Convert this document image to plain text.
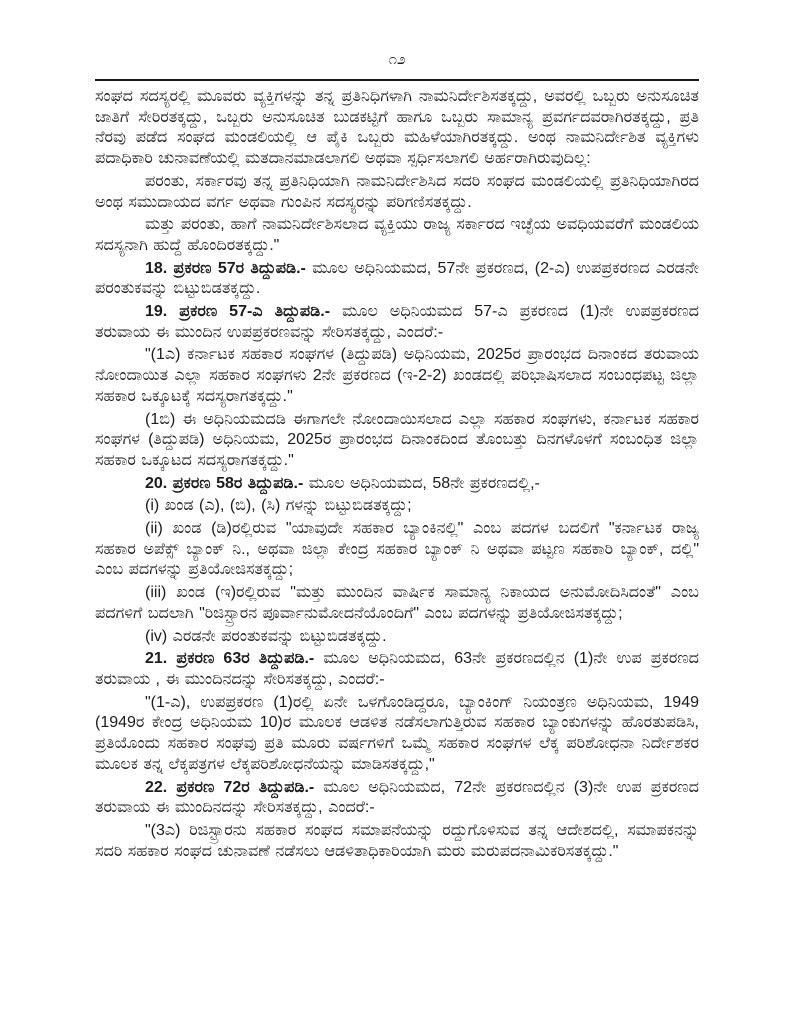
೧೨

ಸಂಘದ ಸದಸ್ಯರಲ್ಲಿ ಮೂವರು ವ್ಯಕ್ತಿಗಳನ್ನು ತನ್ನ ಪ್ರತಿನಿಧಿಗಳಾಗಿ ನಾಮನಿರ್ದೇಶಿಸತಕ್ಕದ್ದು, ಅವರಲ್ಲಿ ಒಬ್ಬರು ಅನುಸೂಚಿತ ಜಾತಿಗೆ ಸೇರಿರತಕ್ಕದ್ದು, ಒಬ್ಬರು ಅನುಸೂಚಿತ ಬುಡಕಟ್ಟಿಗೆ ಹಾಗೂ ಒಬ್ಬರು ಸಾಮಾನ್ಯ ಪ್ರವರ್ಗದವರಾಗಿರತಕ್ಕದ್ದು, ಪ್ರತಿ ನೆರವು ಪಡೆದ ಸಂಘದ ಮಂಡಲಿಯಲ್ಲಿ ಆ ಪೈಕಿ ಒಬ್ಬರು ಮಹಿಳೆಯಾಗಿರತಕ್ಕದ್ದು. ಅಂಥ ನಾಮನಿರ್ದೇಶಿತ ವ್ಯಕ್ತಿಗಳು ಪದಾಧಿಕಾರಿ ಚುನಾವಣೆಯಲ್ಲಿ ಮತದಾನಮಾಡಲಾಗಲಿ ಅಥವಾ ಸ್ಪರ್ಧಿಸಲಾಗಲಿ ಅರ್ಹರಾಗಿರುವುದಿಲ್ಲ:

ಪರಂತು, ಸರ್ಕಾರವು ತನ್ನ ಪ್ರತಿನಿಧಿಯಾಗಿ ನಾಮನಿರ್ದೇಶಿಸಿದ ಸದರಿ ಸಂಘದ ಮಂಡಲಿಯಲ್ಲಿ ಪ್ರತಿನಿಧಿಯಾಗಿರದ ಅಂಥ ಸಮುದಾಯದ ವರ್ಗ ಅಥವಾ ಗುಂಪಿನ ಸದಸ್ಯರನ್ನು ಪರಿಗಣಿಸತಕ್ಕದ್ದು.

ಮತ್ತು ಪರಂತು, ಹಾಗೆ ನಾಮನಿರ್ದೇಶಿಸಲಾದ ವ್ಯಕ್ತಿಯು ರಾಜ್ಯ ಸರ್ಕಾರದ ಇಚ್ಛೆಯ ಅವಧಿಯವರೆಗೆ ಮಂಡಲಿಯ ಸದಸ್ಯನಾಗಿ ಹುದ್ದೆ ಹೊಂದಿರತಕ್ಕದ್ದು."

18. ಪ್ರಕರಣ 57ರ ತಿದ್ದುಪಡಿ.- ಮೂಲ ಅಧಿನಿಯಮದ, 57ನೇ ಪ್ರಕರಣದ, (2-ಎ) ಉಪಪ್ರಕರಣದ ಎರಡನೇ ಪರಂತುಕವನ್ನು ಬಿಟ್ಟುಬಿಡತಕ್ಕದ್ದು.

19. ಪ್ರಕರಣ 57-ಎ ತಿದ್ದುಪಡಿ.- ಮೂಲ ಅಧಿನಿಯಮದ 57-ಎ ಪ್ರಕರಣದ (1)ನೇ ಉಪಪ್ರಕರಣದ ತರುವಾಯ ಈ ಮುಂದಿನ ಉಪಪ್ರಕರಣವನ್ನು ಸೇರಿಸತಕ್ಕದ್ದು, ಎಂದರೆ:-

"(1ಎ) ಕರ್ನಾಟಕ ಸಹಕಾರ ಸಂಘಗಳ (ತಿದ್ದುಪಡಿ) ಅಧಿನಿಯಮ, 2025ರ ಪ್ರಾರಂಭದ ದಿನಾಂಕದ ತರುವಾಯ ನೋಂದಾಯಿತ ಎಲ್ಲಾ ಸಹಕಾರ ಸಂಘಗಳು 2ನೇ ಪ್ರಕರಣದ (ಇ-2-2) ಖಂಡದಲ್ಲಿ ಪರಿಭಾಷಿಸಲಾದ ಸಂಬಂಧಪಟ್ಟ ಜಿಲ್ಲಾ ಸಹಕಾರ ಒಕ್ಕೂಟಕ್ಕೆ ಸದಸ್ಯರಾಗತಕ್ಕದ್ದು."

(1ಬಿ) ಈ ಅಧಿನಿಯಮದಡಿ ಈಗಾಗಲೇ ನೋಂದಾಯಿಸಲಾದ ಎಲ್ಲಾ ಸಹಕಾರ ಸಂಘಗಳು, ಕರ್ನಾಟಕ ಸಹಕಾರ ಸಂಘಗಳ (ತಿದ್ದುಪಡಿ) ಅಧಿನಿಯಮ, 2025ರ ಪ್ರಾರಂಭದ ದಿನಾಂಕದಿಂದ ತೊಂಬತ್ತು ದಿನಗಳೊಳಗೆ ಸಂಬಂಧಿತ ಜಿಲ್ಲಾ ಸಹಕಾರ ಒಕ್ಕೂಟದ ಸದಸ್ಯರಾಗತಕ್ಕದ್ದು."

20. ಪ್ರಕರಣ 58ರ ತಿದ್ದುಪಡಿ.- ಮೂಲ ಅಧಿನಿಯಮದ, 58ನೇ ಪ್ರಕರಣದಲ್ಲಿ,-

(i) ಖಂಡ (ಎ), (ಬಿ), (ಸಿ) ಗಳನ್ನು ಬಿಟ್ಟುಬಿಡತಕ್ಕದ್ದು;

(ii) ಖಂಡ (ಡಿ)ರಲ್ಲಿರುವ "ಯಾವುದೇ ಸಹಕಾರ ಬ್ಯಾಂಕಿನಲ್ಲಿ" ಎಂಬ ಪದಗಳ ಬದಲಿಗೆ "ಕರ್ನಾಟಕ ರಾಜ್ಯ ಸಹಕಾರ ಅಪೆಕ್ಸ್ ಬ್ಯಾಂಕ್ ನಿ., ಅಥವಾ ಜಿಲ್ಲಾ ಕೇಂದ್ರ ಸಹಕಾರ ಬ್ಯಾಂಕ್ ನಿ ಅಥವಾ ಪಟ್ಟಣ ಸಹಕಾರಿ ಬ್ಯಾಂಕ್, ದಲ್ಲಿ" ಎಂಬ ಪದಗಳನ್ನು ಪ್ರತಿಯೋಜಿಸತಕ್ಕದ್ದು;

(iii) ಖಂಡ (ಇ)ರಲ್ಲಿರುವ "ಮತ್ತು ಮುಂದಿನ ವಾರ್ಷಿಕ ಸಾಮಾನ್ಯ ನಿಕಾಯದ ಅನುಮೋದಿಸಿದಂತೆ" ಎಂಬ ಪದಗಳಿಗೆ ಬದಲಾಗಿ "ರಿಜಿಸ್ಟ್ರಾರನ ಪೂರ್ವಾನುಮೋದನೆಯೊಂದಿಗೆ" ಎಂಬ ಪದಗಳನ್ನು ಪ್ರತಿಯೋಜಿಸತಕ್ಕದ್ದು;

(iv) ಎರಡನೇ ಪರಂತುಕವನ್ನು ಬಿಟ್ಟುಬಿಡತಕ್ಕದ್ದು.

21. ಪ್ರಕರಣ 63ರ ತಿದ್ದುಪಡಿ.- ಮೂಲ ಅಧಿನಿಯಮದ, 63ನೇ ಪ್ರಕರಣದಲ್ಲಿನ (1)ನೇ ಉಪ ಪ್ರಕರಣದ ತರುವಾಯ , ಈ ಮುಂದಿನದನ್ನು ಸೇರಿಸತಕ್ಕದ್ದು, ಎಂದರೆ:-

"(1-ಎ), ಉಪಪ್ರಕರಣ (1)ರಲ್ಲಿ ಏನೇ ಒಳಗೊಂಡಿದ್ದರೂ, ಬ್ಯಾಂಕಿಂಗ್ ನಿಯಂತ್ರಣ ಅಧಿನಿಯಮ, 1949 (1949ರ ಕೇಂದ್ರ ಅಧಿನಿಯಮ 10)ರ ಮೂಲಕ ಆಡಳಿತ ನಡೆಸಲಾಗುತ್ತಿರುವ ಸಹಕಾರ ಬ್ಯಾಂಕುಗಳನ್ನು ಹೊರತುಪಡಿಸಿ, ಪ್ರತಿಯೊಂದು ಸಹಕಾರ ಸಂಘವು ಪ್ರತಿ ಮೂರು ವರ್ಷಗಳಿಗೆ ಒಮ್ಮೆ ಸಹಕಾರ ಸಂಘಗಳ ಲೆಕ್ಕ ಪರಿಶೋಧನಾ ನಿರ್ದೇಶಕರ ಮೂಲಕ ತನ್ನ ಲೆಕ್ಕಪತ್ರಗಳ ಲೆಕ್ಕಪರಿಶೋಧನೆಯನ್ನು ಮಾಡಿಸತಕ್ಕದ್ದು,"

22. ಪ್ರಕರಣ 72ರ ತಿದ್ದುಪಡಿ.- ಮೂಲ ಅಧಿನಿಯಮದ, 72ನೇ ಪ್ರಕರಣದಲ್ಲಿನ (3)ನೇ ಉಪ ಪ್ರಕರಣದ ತರುವಾಯ ಈ ಮುಂದಿನದನ್ನು ಸೇರಿಸತಕ್ಕದ್ದು, ಎಂದರೆ:-

"(3ಎ) ರಿಜಿಸ್ಟ್ರಾರನು ಸಹಕಾರ ಸಂಘದ ಸಮಾಪನೆಯನ್ನು ರದ್ದುಗೊಳಿಸುವ ತನ್ನ ಆದೇಶದಲ್ಲಿ, ಸಮಾಪಕನನ್ನು ಸದರಿ ಸಹಕಾರ ಸಂಘದ ಚುನಾವಣೆ ನಡೆಸಲು ಆಡಳಿತಾಧಿಕಾರಿಯಾಗಿ ಮರು ಮರುಪದನಾಮಿಕರಿಸತಕ್ಕದ್ದು."
